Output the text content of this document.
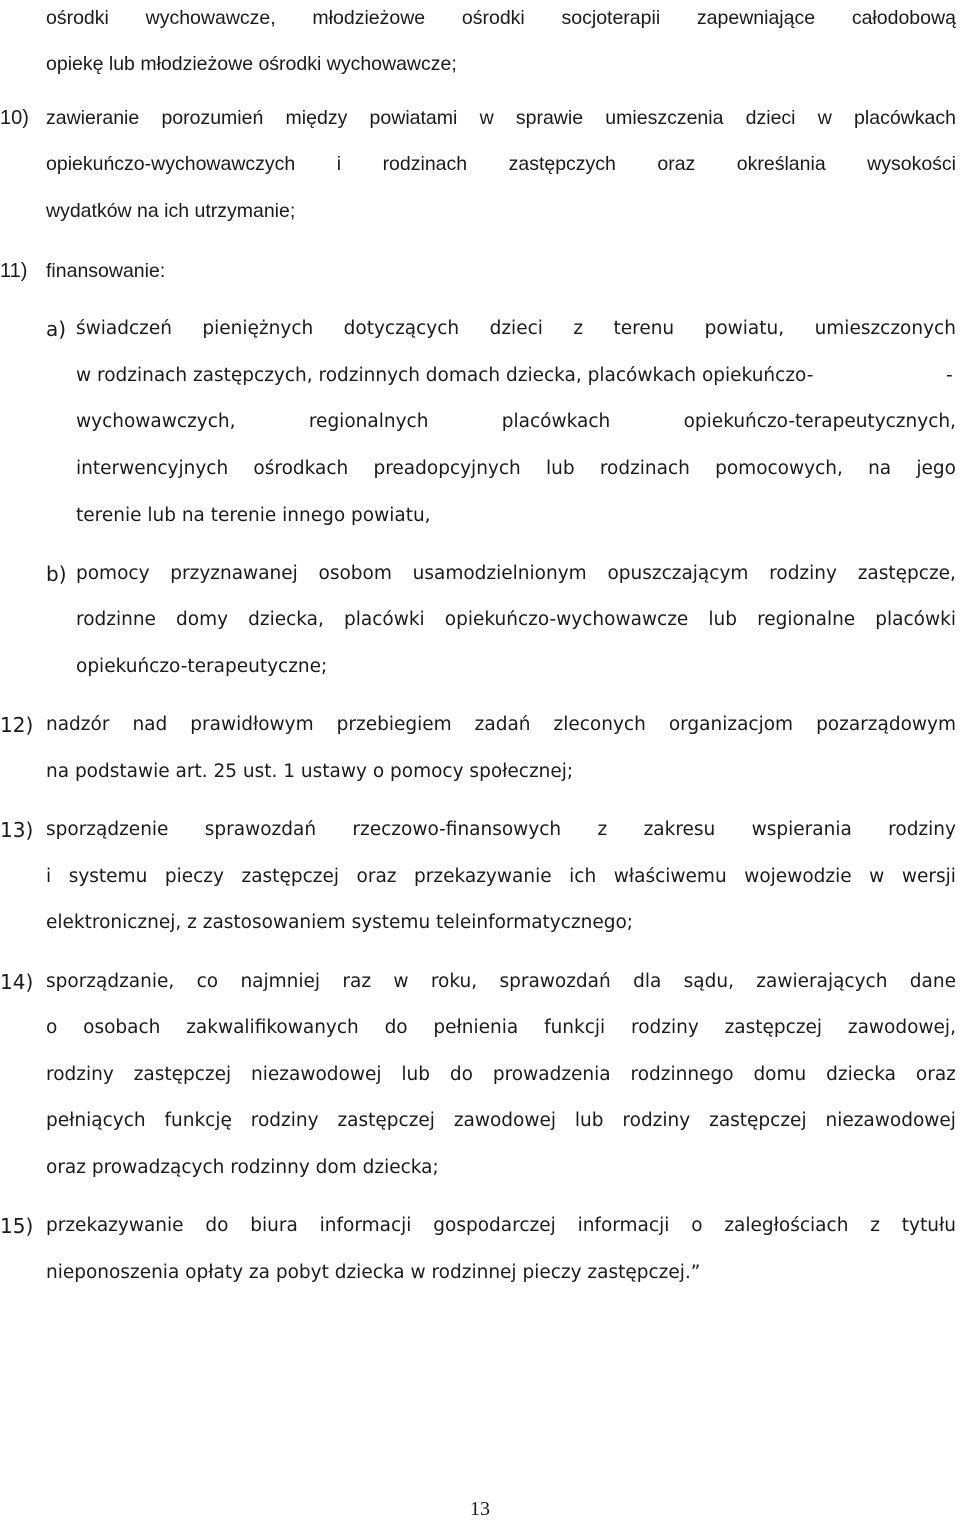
ośrodki wychowawcze, młodzieżowe ośrodki socjoterapii zapewniające całodobową
opiekę lub młodzieżowe ośrodki wychowawcze;
10) zawieranie porozumień między powiatami w sprawie umieszczenia dzieci w placówkach
opiekuńczo-wychowawczych i rodzinach zastępczych oraz określania wysokości
wydatków na ich utrzymanie;
11) finansowanie:
a) świadczeń pieniężnych dotyczących dzieci z terenu powiatu, umieszczonych
w rodzinach zastępczych, rodzinnych domach dziecka, placówkach opiekuńczo-	-
wychowawczych,	regionalnych	placówkach	opiekuńczo-terapeutycznych,
interwencyjnych ośrodkach preadopcyjnych lub rodzinach pomocowych, na jego
terenie lub na terenie innego powiatu,
b) pomocy przyznawanej osobom usamodzielnionym opuszczającym rodziny zastępcze,
rodzinne domy dziecka, placówki opiekuńczo-wychowawcze lub regionalne placówki
opiekuńczo-terapeutyczne;
12) nadzór nad prawidłowym przebiegiem zadań zleconych organizacjom pozarządowym
na podstawie art. 25 ust. 1 ustawy o pomocy społecznej;
13) sporządzenie sprawozdań rzeczowo-finansowych z zakresu wspierania rodziny
i systemu pieczy zastępczej oraz przekazywanie ich właściwemu wojewodzie w wersji
elektronicznej, z zastosowaniem systemu teleinformatycznego;
14) sporządzanie, co najmniej raz w roku, sprawozdań dla sądu, zawierających dane
o osobach zakwalifikowanych do pełnienia funkcji rodziny zastępczej zawodowej,
rodziny zastępczej niezawodowej lub do prowadzenia rodzinnego domu dziecka oraz
pełniących funkcję rodziny zastępczej zawodowej lub rodziny zastępczej niezawodowej
oraz prowadzących rodzinny dom dziecka;
15) przekazywanie do biura informacji gospodarczej informacji o zaległościach z tytułu
nieponoszenia opłaty za pobyt dziecka w rodzinnej pieczy zastępczej.”
13
